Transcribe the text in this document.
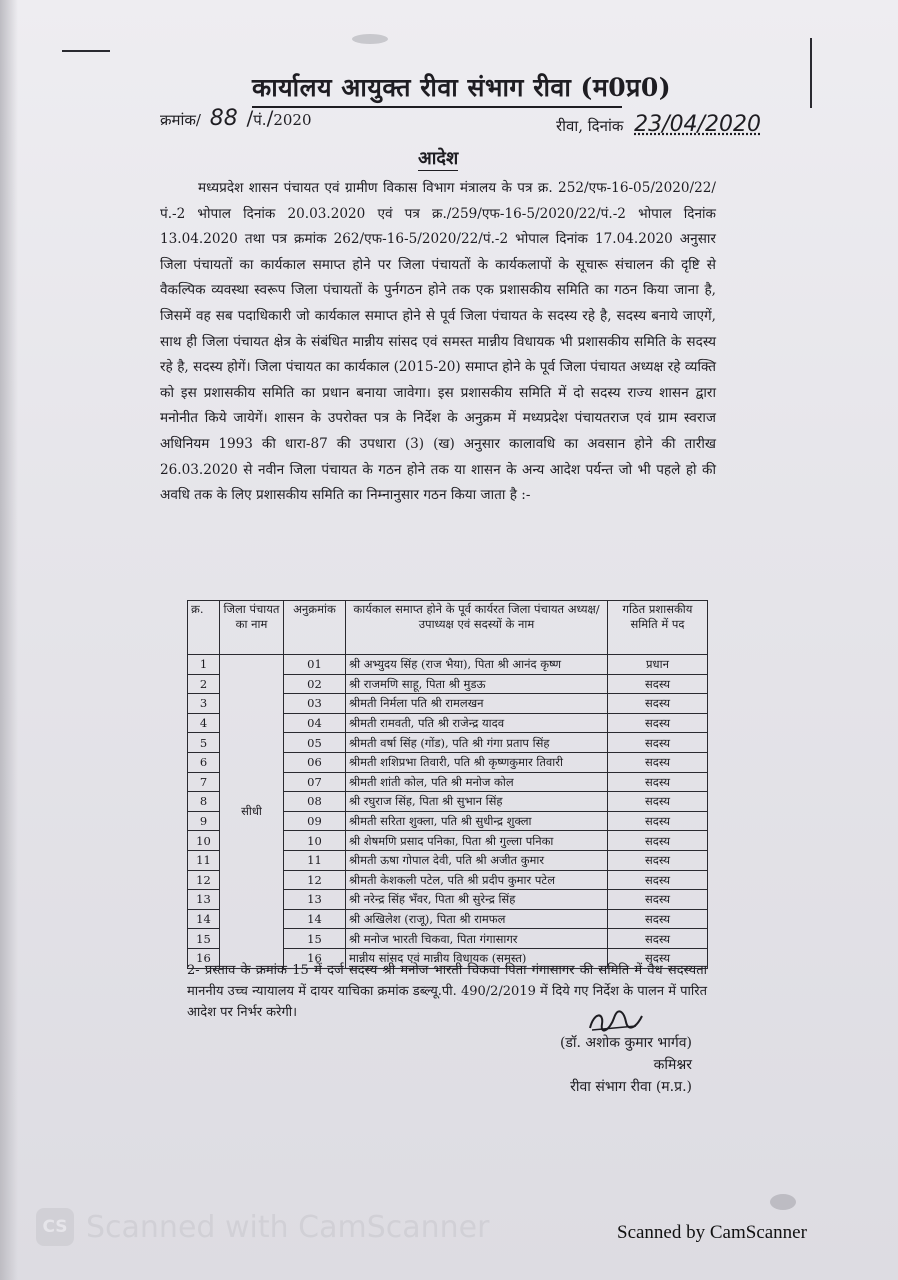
कार्यालय आयुक्त रीवा संभाग रीवा (म0प्र0)
क्रमांक/ 88 /पं./2020	रीवा, दिनांक 23/04/2020
आदेश
मध्यप्रदेश शासन पंचायत एवं ग्रामीण विकास विभाग मंत्रालय के पत्र क्र. 252/एफ-16-05/2020/22/पं.-2 भोपाल दिनांक 20.03.2020 एवं पत्र क्र./259/एफ-16-5/2020/22/पं.-2 भोपाल दिनांक 13.04.2020 तथा पत्र क्रमांक 262/एफ-16-5/2020/22/पं.-2 भोपाल दिनांक 17.04.2020 अनुसार जिला पंचायतों का कार्यकाल समाप्त होने पर जिला पंचायतों के कार्यकलापों के सूचारू संचालन की दृष्टि से वैकल्पिक व्यवस्था स्वरूप जिला पंचायतों के पुर्नगठन होने तक एक प्रशासकीय समिति का गठन किया जाना है, जिसमें वह सब पदाधिकारी जो कार्यकाल समाप्त होने से पूर्व जिला पंचायत के सदस्य रहे है, सदस्य बनाये जाएगें, साथ ही जिला पंचायत क्षेत्र के संबंधित मान्नीय सांसद एवं समस्त मान्नीय विधायक भी प्रशासकीय समिति के सदस्य रहे है, सदस्य होगें। जिला पंचायत का कार्यकाल (2015-20) समाप्त होने के पूर्व जिला पंचायत अध्यक्ष रहे व्यक्ति को इस प्रशासकीय समिति का प्रधान बनाया जावेगा। इस प्रशासकीय समिति में दो सदस्य राज्य शासन द्वारा मनोनीत किये जायेगें। शासन के उपरोक्त पत्र के निर्देश के अनुक्रम में मध्यप्रदेश पंचायतराज एवं ग्राम स्वराज अधिनियम 1993 की धारा-87 की उपधारा (3) (ख) अनुसार कालावधि का अवसान होने की तारीख 26.03.2020 से नवीन जिला पंचायत के गठन होने तक या शासन के अन्य आदेश पर्यन्त जो भी पहले हो की अवधि तक के लिए प्रशासकीय समिति का निम्नानुसार गठन किया जाता है :-
क्र.	जिला पंचायत का नाम	अनुक्रमांक	कार्यकाल समाप्त होने के पूर्व कार्यरत जिला पंचायत अध्यक्ष/उपाध्यक्ष एवं सदस्यों के नाम	गठित प्रशासकीय समिति में पद
1	सीधी	01	श्री अभ्युदय सिंह (राज भैया), पिता श्री आनंद कृष्ण	प्रधान
2		02	श्री राजमणि साहू, पिता श्री मुडऊ	सदस्य
3		03	श्रीमती निर्मला पति श्री रामलखन	सदस्य
4		04	श्रीमती रामवती, पति श्री राजेन्द्र यादव	सदस्य
5		05	श्रीमती वर्षा सिंह (गोंड), पति श्री गंगा प्रताप सिंह	सदस्य
6		06	श्रीमती शशिप्रभा तिवारी, पति श्री कृष्णकुमार तिवारी	सदस्य
7		07	श्रीमती शांती कोल, पति श्री मनोज कोल	सदस्य
8		08	श्री रघुराज सिंह, पिता श्री सुभान सिंह	सदस्य
9		09	श्रीमती सरिता शुक्ला, पति श्री सुधीन्द्र शुक्ला	सदस्य
10		10	श्री शेषमणि प्रसाद पनिका, पिता श्री गुल्ला पनिका	सदस्य
11		11	श्रीमती ऊषा गोपाल देवी, पति श्री अजीत कुमार	सदस्य
12		12	श्रीमती केशकली पटेल, पति श्री प्रदीप कुमार पटेल	सदस्य
13		13	श्री नरेन्द्र सिंह भँवर, पिता श्री सुरेन्द्र सिंह	सदस्य
14		14	श्री अखिलेश (राजू), पिता श्री रामफल	सदस्य
15		15	श्री मनोज भारती चिकवा, पिता गंगासागर	सदस्य
16		16	मान्नीय सांसद एवं मान्नीय विधायक (समस्त)	सदस्य
2- प्रस्ताव के क्रमांक 15 में दर्ज सदस्य श्री मनोज भारती चिकवा पिता गंगासागर की समिति में वैध सदस्यता माननीय उच्च न्यायालय में दायर याचिका क्रमांक डब्ल्यू.पी. 490/2/2019 में दिये गए निर्देश के पालन में पारित आदेश पर निर्भर करेगी।
(डॉ. अशोक कुमार भार्गव)
कमिश्नर
रीवा संभाग रीवा (म.प्र.)
CS Scanned with CamScanner	Scanned by CamScanner
